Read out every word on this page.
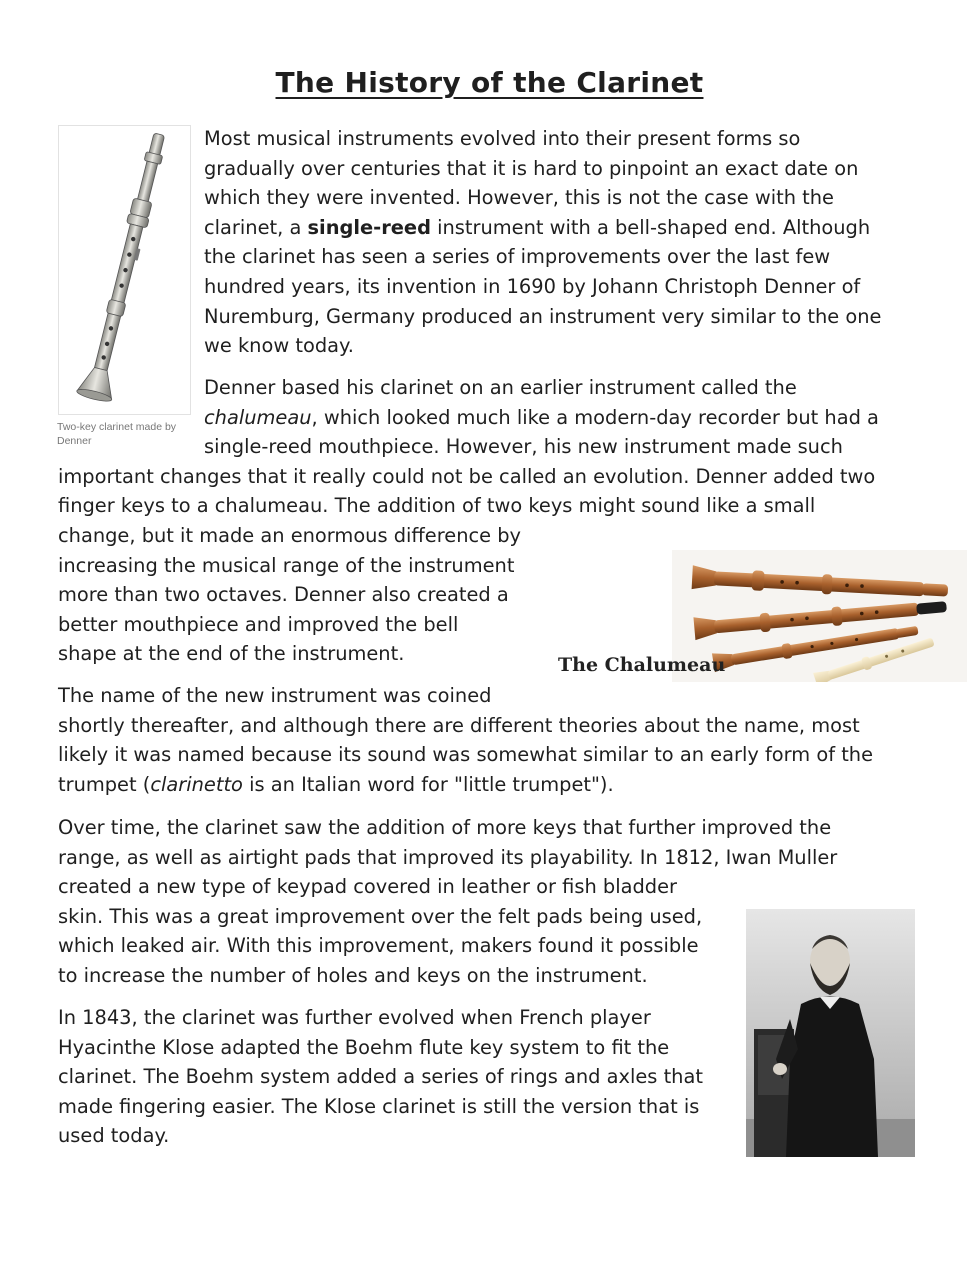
The History of the Clarinet
Two-key clarinet made by Denner

Most musical instruments evolved into their present forms so
gradually over centuries that it is hard to pinpoint an exact date on
which they were invented. However, this is not the case with the
clarinet, a single-reed instrument with a bell-shaped end. Although
the clarinet has seen a series of improvements over the last few
hundred years, its invention in 1690 by Johann Christoph Denner of
Nuremburg, Germany produced an instrument very similar to the one
we know today.

Denner based his clarinet on an earlier instrument called the
chalumeau, which looked much like a modern-day recorder but had a
single-reed mouthpiece. However, his new instrument made such
important changes that it really could not be called an evolution. Denner added two
finger keys to a chalumeau. The addition of two keys might sound like a small
change, but it made an enormous difference by
increasing the musical range of the instrument
more than two octaves. Denner also created a
better mouthpiece and improved the bell
shape at the end of the instrument.	The Chalumeau

The name of the new instrument was coined
shortly thereafter, and although there are different theories about the name, most
likely it was named because its sound was somewhat similar to an early form of the
trumpet (clarinetto is an Italian word for "little trumpet").

Over time, the clarinet saw the addition of more keys that further improved the
range, as well as airtight pads that improved its playability. In 1812, Iwan Muller
created a new type of keypad covered in leather or fish bladder
skin. This was a great improvement over the felt pads being used,
which leaked air. With this improvement, makers found it possible
to increase the number of holes and keys on the instrument.

In 1843, the clarinet was further evolved when French player
Hyacinthe Klose adapted the Boehm flute key system to fit the
clarinet. The Boehm system added a series of rings and axles that
made fingering easier. The Klose clarinet is still the version that is
used today.
